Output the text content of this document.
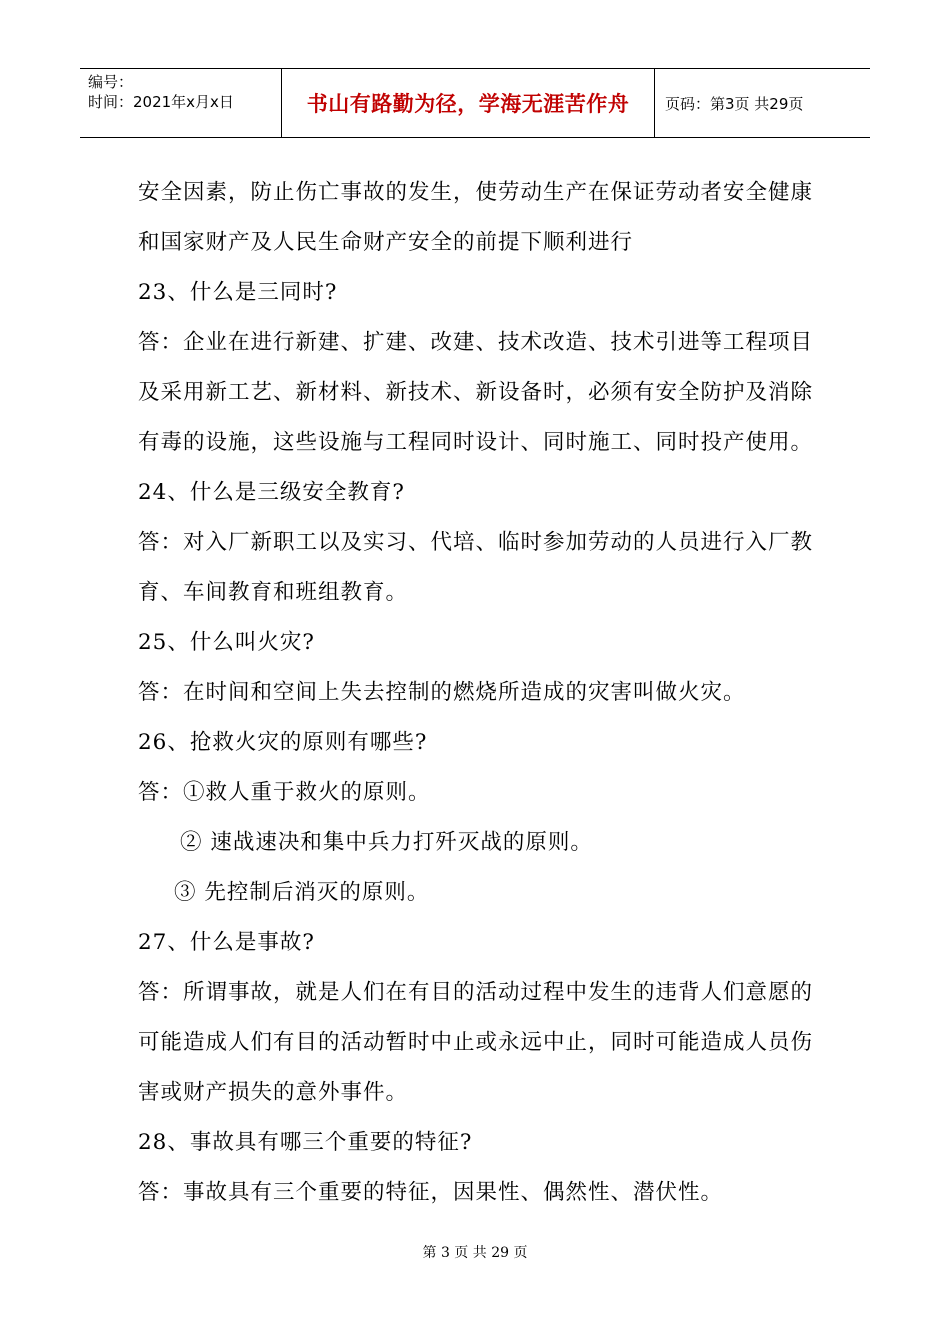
编号：
时间：2021年x月x日	书山有路勤为径，学海无涯苦作舟	页码：第3页 共29页
安全因素，防止伤亡事故的发生，使劳动生产在保证劳动者安全健康
和国家财产及人民生命财产安全的前提下顺利进行
23、什么是三同时?
答：企业在进行新建、扩建、改建、技术改造、技术引进等工程项目
及采用新工艺、新材料、新技术、新设备时，必须有安全防护及消除
有毒的设施，这些设施与工程同时设计、同时施工、同时投产使用。
24、什么是三级安全教育?
答：对入厂新职工以及实习、代培、临时参加劳动的人员进行入厂教
育、车间教育和班组教育。
25、什么叫火灾?
答：在时间和空间上失去控制的燃烧所造成的灾害叫做火灾。
26、抢救火灾的原则有哪些?
答：①救人重于救火的原则。
② 速战速决和集中兵力打歼灭战的原则。
③ 先控制后消灭的原则。
27、什么是事故?
答：所谓事故，就是人们在有目的活动过程中发生的违背人们意愿的
可能造成人们有目的活动暂时中止或永远中止，同时可能造成人员伤
害或财产损失的意外事件。
28、事故具有哪三个重要的特征?
答：事故具有三个重要的特征，因果性、偶然性、潜伏性。
第 3 页 共 29 页
